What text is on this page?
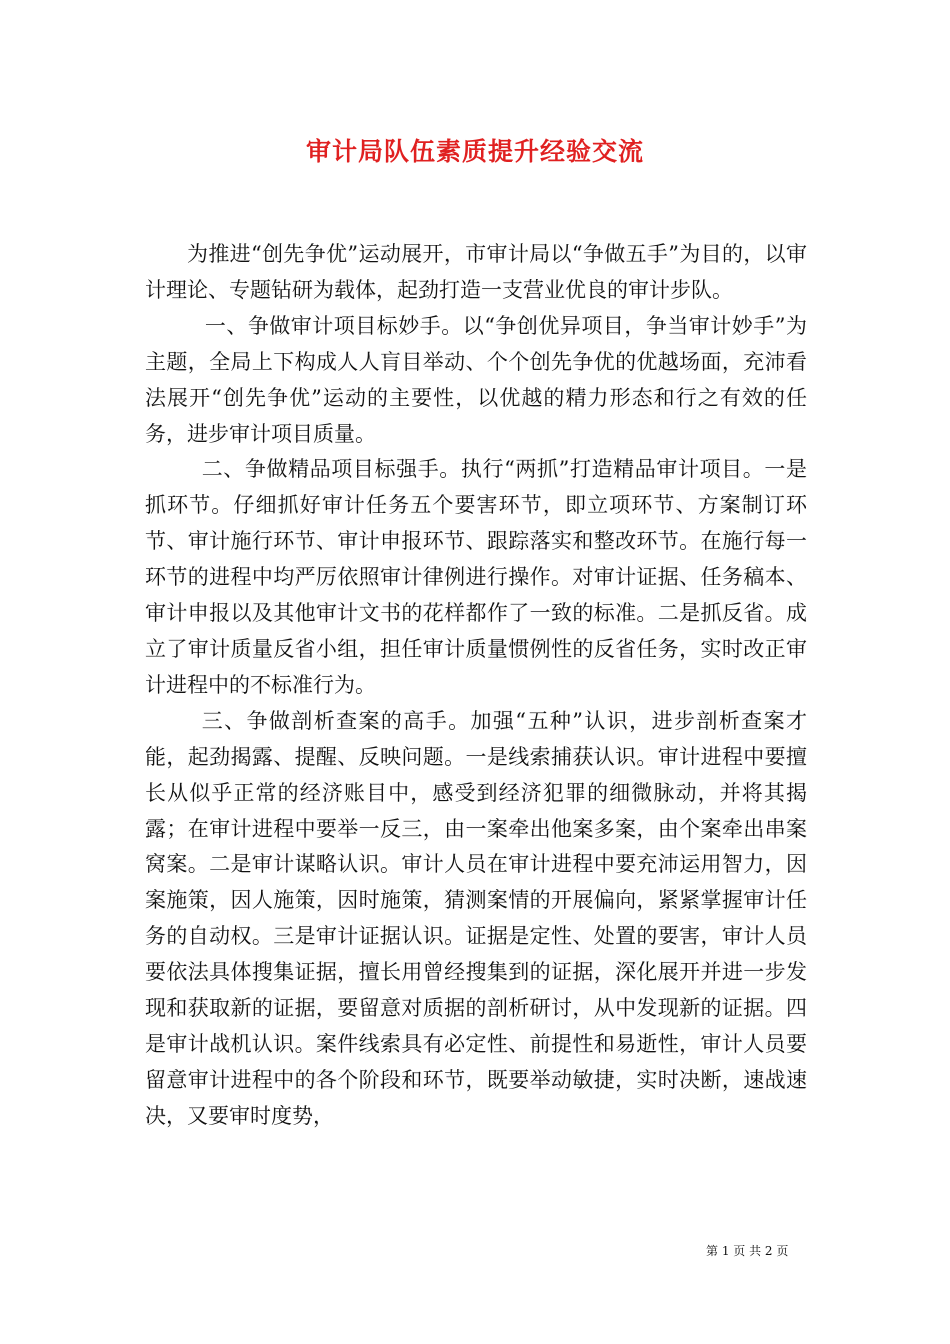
审计局队伍素质提升经验交流

为推进“创先争优”运动展开，市审计局以“争做五手”为目的，以审计理论、专题钻研为载体，起劲打造一支营业优良的审计步队。

一、争做审计项目标妙手。以“争创优异项目，争当审计妙手”为主题，全局上下构成人人肓目举动、个个创先争优的优越场面，充沛看法展开“创先争优”运动的主要性，以优越的精力形态和行之有效的任务，进步审计项目质量。

二、争做精品项目标强手。执行“两抓”打造精品审计项目。一是抓环节。仔细抓好审计任务五个要害环节，即立项环节、方案制订环节、审计施行环节、审计申报环节、跟踪落实和整改环节。在施行每一环节的进程中均严厉依照审计律例进行操作。对审计证据、任务稿本、审计申报以及其他审计文书的花样都作了一致的标准。二是抓反省。成立了审计质量反省小组，担任审计质量惯例性的反省任务，实时改正审计进程中的不标准行为。

三、争做剖析查案的高手。加强“五种”认识，进步剖析查案才能，起劲揭露、提醒、反映问题。一是线索捕获认识。审计进程中要擅长从似乎正常的经济账目中，感受到经济犯罪的细微脉动，并将其揭露；在审计进程中要举一反三，由一案牵出他案多案，由个案牵出串案窝案。二是审计谋略认识。审计人员在审计进程中要充沛运用智力，因案施策，因人施策，因时施策，猜测案情的开展偏向，紧紧掌握审计任务的自动权。三是审计证据认识。证据是定性、处置的要害，审计人员要依法具体搜集证据，擅长用曾经搜集到的证据，深化展开并进一步发现和获取新的证据，要留意对质据的剖析研讨，从中发现新的证据。四是审计战机认识。案件线索具有必定性、前提性和易逝性，审计人员要留意审计进程中的各个阶段和环节，既要举动敏捷，实时决断，速战速决，又要审时度势，

第 1 页 共 2 页
